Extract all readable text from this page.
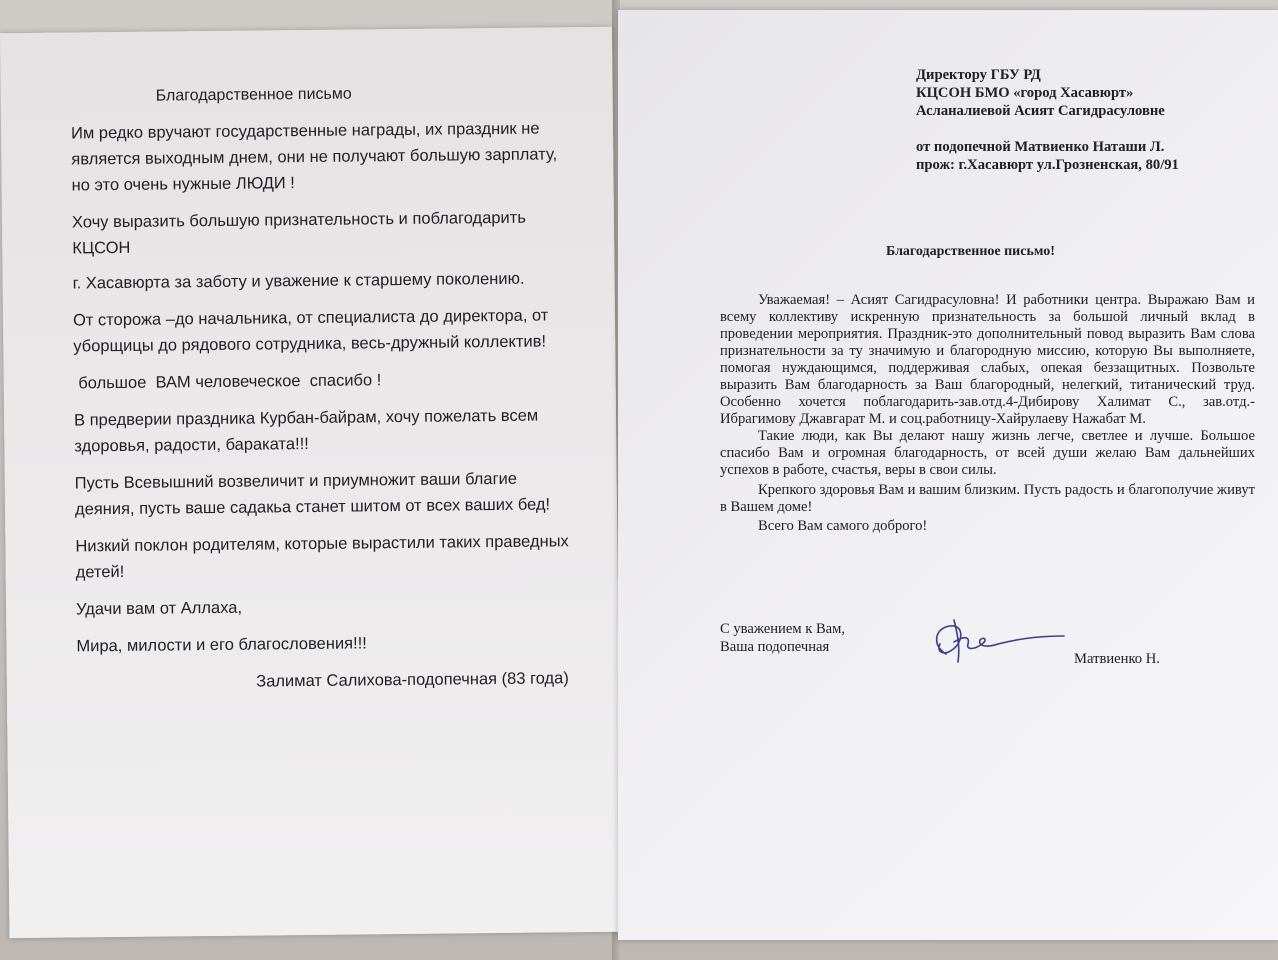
Благодарственное письмо

Им редко вручают государственные награды, их праздник не является выходным днем, они не получают большую зарплату, но это очень нужные ЛЮДИ !

Хочу выразить большую признательность и поблагодарить КЦСОН

г. Хасавюрта за заботу и уважение к старшему поколению.

От сторожа –до начальника, от специалиста до директора, от уборщицы до рядового сотрудника, весь-дружный коллектив!

большое  ВАМ человеческое  спасибо !

В предверии праздника Курбан-байрам, хочу пожелать всем здоровья, радости, бараката!!!

Пусть Всевышний возвеличит и приумножит ваши благие деяния, пусть ваше садакьа станет шитом от всех ваших бед!

Низкий поклон родителям, которые вырастили таких праведных детей!

Удачи вам от Аллаха,

Мира, милости и его благословения!!!

Залимат Салихова-подопечная (83 года)
Директору ГБУ РД
КЦСОН БМО «город Хасавюрт»
Асланалиевой Асият Сагидрасуловне
от подопечной Матвиенко Наташи Л.
прож: г.Хасавюрт ул.Грозненская, 80/91
Благодарственное письмо!

Уважаемая! – Асият Сагидрасуловна! И работники центра. Выражаю Вам и всему коллективу искренную признательность за большой личный вклад в проведении мероприятия. Праздник-это дополнительный повод выразить Вам слова признательности за ту значимую и благородную миссию, которую Вы выполняете, помогая нуждающимся, поддерживая слабых, опекая беззащитных. Позвольте выразить Вам благодарность за Ваш благородный, нелегкий, титанический труд. Особенно хочется поблагодарить-зав.отд.4-Дибирову Халимат С., зав.отд.-Ибрагимову Джавгарат М. и соц.работницу-Хайрулаеву Нажабат М.

Такие люди, как Вы делают нашу жизнь легче, светлее и лучше. Большое спасибо Вам и огромная благодарность, от всей души желаю Вам дальнейших успехов в работе, счастья, веры в свои силы.

Крепкого здоровья Вам и вашим близким. Пусть радость и благополучие живут в Вашем доме!

Всего Вам самого доброго!

С уважением к Вам,
Ваша подопечная
Матвиенко Н.
